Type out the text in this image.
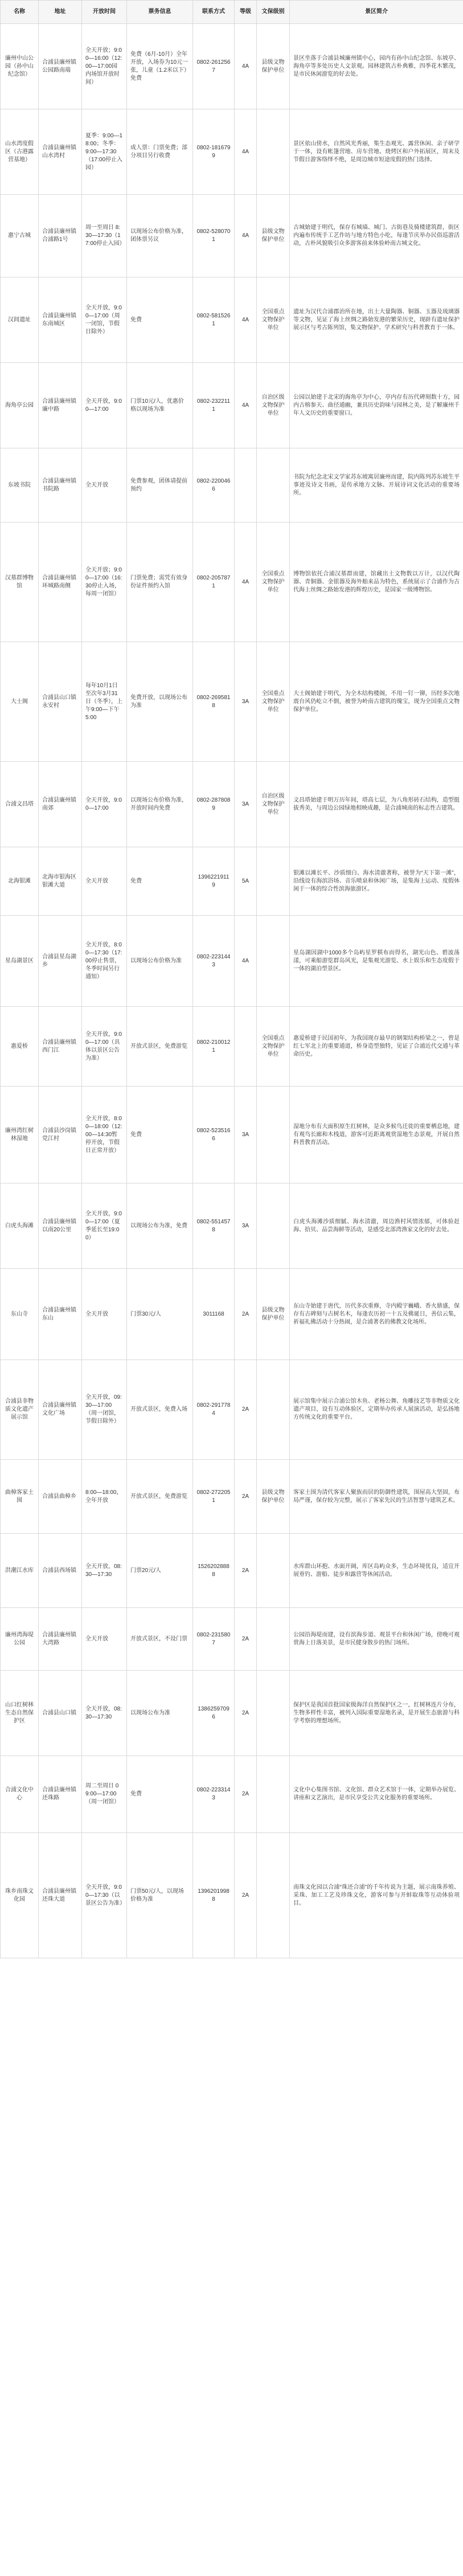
名称	地址	开放时间	票务信息	联系方式	等级	文保级别	景区简介
廉州中山公园（孙中山纪念馆）	合浦县廉州镇公园路南端	全天开放；9:00—16:00（12:00—17:00园内场馆开放时间）	免费（6月-10月）全年开放，入场券为10元一张，儿童（1.2米以下）免费	0802-2612567	4A	县级文物保护单位	景区坐落于合浦县城廉州镇中心，园内有孙中山纪念馆、东坡亭、海角亭等多处历史人文景观。园林建筑古朴典雅，四季花木繁茂，是市民休闲游览的好去处。
山水湾度假区（古港露营基地）	合浦县廉州镇山水湾村	夏季：9:00—18:00；冬季：9:00—17:30（17:00停止入园）	成人票：门票免费；部分项目另行收费	0802-1816799	4A		景区依山傍水，自然风光秀丽，集生态观光、露营休闲、亲子研学于一体，设有帐篷营地、房车营地、烧烤区和户外拓展区，周末及节假日游客络绎不绝，是周边城市短途度假的热门选择。
惠宁古城	合浦县廉州镇合浦路1号	周一至周日 8:30—17:30（17:00停止入园）	以现场公布价格为准，团体票另议	0802-5280701	4A	县级文物保护单位	古城始建于明代，保存有城墙、城门、古街巷及骑楼建筑群，街区内遍布传统手工艺作坊与地方特色小吃，每逢节庆举办民俗巡游活动，古朴风貌吸引众多游客前来体验岭南古城文化。
汉闾遗址	合浦县廉州镇东南城区	全天开放，9:00—17:00（周一闭馆，节假日除外）	免费	0802-5815261	4A	全国重点文物保护单位	遗址为汉代合浦郡治所在地，出土大量陶器、铜器、玉器及琉璃器等文物，见证了海上丝绸之路始发港的繁荣历史，现辟有遗址保护展示区与考古陈列馆，集文物保护、学术研究与科普教育于一体。
海角亭公园	合浦县廉州镇廉中路	全天开放，9:00—17:00	门票10元/人，优惠价格以现场为准	0802-2322111	4A	自治区级文物保护单位	公园以始建于北宋的海角亭为中心，亭内存有历代碑刻数十方，园内古榕参天、曲径通幽，兼具历史韵味与园林之美，是了解廉州千年人文历史的重要窗口。
东坡书院	合浦县廉州镇书院路	全天开放	免费参观，团体请提前预约	0802-2200466			书院为纪念北宋文学家苏东坡寓居廉州而建，院内陈列苏东坡生平事迹及诗文书画，是传承地方文脉、开展诗词文化活动的重要场所。
汉墓群博物馆	合浦县廉州镇环城路南侧	全天开放；9:00—17:00（16:30停止入场，每周一闭馆）	门票免费；需凭有效身份证件预约入馆	0802-2057871	4A	全国重点文物保护单位	博物馆依托合浦汉墓群而建，馆藏出土文物数以万计，以汉代陶器、青铜器、金银器及海外舶来品为特色，系统展示了合浦作为古代海上丝绸之路始发港的辉煌历史，是国家一级博物馆。
大士阁	合浦县山口镇永安村	每年10月1日至次年3月31日（冬季），上午9:00—下午5:00	免费开放，以现场公布为准	0802-2695818	3A	全国重点文物保护单位	大士阁始建于明代，为全木结构楼阁，不用一钉一铆，历经多次地震台风仍屹立不倒，被誉为岭南古建筑的瑰宝，现为全国重点文物保护单位。
合浦文昌塔	合浦县廉州镇南郊	全天开放，9:00—17:00	以现场公布价格为准，开放时间内免费	0802-2878089	3A	自治区级文物保护单位	文昌塔始建于明万历年间，塔高七层，为八角形砖石结构，造型挺拔秀美，与周边公园绿地相映成趣，是合浦城南的标志性古建筑。
北海银滩	北海市银海区银滩大道	全天开放	免费	13962219119	5A		银滩以滩长平、沙质细白、海水清澈著称，被誉为“天下第一滩”，沿线设有海滨浴场、音乐喷泉和休闲广场，是集海上运动、度假休闲于一体的综合性滨海旅游区。
星岛湖景区	合浦县星岛湖乡	全天开放，8:00—17:30（17:00停止售票，冬季时间另行通知）	以现场公布价格为准	0802-2231443	4A		星岛湖因湖中1000多个岛屿星罗棋布而得名，湖光山色、碧波荡漾，可乘船游览群岛风光，是集观光游览、水上娱乐和生态度假于一体的湖泊型景区。
惠爱桥	合浦县廉州镇西门江	全天开放，9:00—17:00（具体以景区公告为准）	开放式景区，免费游览	0802-2100121		全国重点文物保护单位	惠爱桥建于民国初年，为我国现存最早的钢架结构桥梁之一，曾是红七军北上的重要通道，桥身造型独特，见证了合浦近代交通与革命历史。
廉州湾红树林湿地	合浦县沙岗镇党江村	全天开放，8:00—18:00（12:00—14:30暂停开放，节假日正常开放）	免费	0802-5235166	3A		湿地分布有大面积原生红树林，是众多候鸟迁徙的重要栖息地，建有观鸟长廊和木栈道，游客可近距离观赏湿地生态景观，开展自然科普教育活动。
白虎头海滩	合浦县廉州镇以南20公里	全天开放，9:00—17:00（夏季延长至19:00）	以现场公布为准，免费	0802-5514578	3A		白虎头海滩沙质细腻、海水清澈，周边渔村风情浓郁，可体验赶海、拾贝、品尝海鲜等活动，是感受北部湾渔家文化的好去处。
东山寺	合浦县廉州镇东山	全天开放	门票30元/人	3011168	2A	县级文物保护单位	东山寺始建于唐代，历代多次重修，寺内殿宇巍峨、香火鼎盛，保存有古碑刻与古树名木，每逢农历初一十五及佛诞日，善信云集，祈福礼佛活动十分热闹，是合浦著名的佛教文化场所。
合浦县非物质文化遗产展示馆	合浦县廉州镇文化广场	全天开放，09:30—17:00（周一闭馆，节假日除外）	开放式景区，免费入场	0802-2917784	2A		展示馆集中展示合浦公馆木鱼、老杨公舞、角雕技艺等非物质文化遗产项目，设有互动体验区，定期举办传承人展演活动，是弘扬地方传统文化的重要平台。
曲樟客家土围	合浦县曲樟乡	8:00—18:00，全年开放	开放式景区，免费游览	0802-2722051	2A	县级文物保护单位	客家土围为清代客家人聚族而居的防御性建筑，围屋高大坚固，布局严谨，保存较为完整，展示了客家先民的生活智慧与建筑艺术。
洪潮江水库	合浦县西场镇	全天开放，08:30—17:30	门票20元/人	15262028888	2A		水库群山环抱、水面开阔，库区岛屿众多，生态环境优良，适宜开展垂钓、游船、徒步和露营等休闲活动。
廉州湾海堤公园	合浦县廉州镇大湾路	全天开放	开放式景区，不设门票	0802-2315807	2A		公园沿海堤而建，设有滨海步道、观景平台和休闲广场，傍晚可观赏海上日落美景，是市民健身散步的热门场所。
山口红树林生态自然保护区	合浦县山口镇	全天开放，08:30—17:30	以现场公布为准	13862597096	2A		保护区是我国首批国家级海洋自然保护区之一，红树林连片分布，生物多样性丰富，被列入国际重要湿地名录，是开展生态旅游与科学考察的理想场所。
合浦文化中心	合浦县廉州镇还珠路	周二至周日 09:00—17:00（周一闭馆）	免费	0802-2233143	2A		文化中心集图书馆、文化馆、群众艺术馆于一体，定期举办展览、讲座和文艺演出，是市民享受公共文化服务的重要场所。
珠乡南珠文化园	合浦县廉州镇还珠大道	全天开放，9:00—17:30（以景区公告为准）	门票50元/人，以现场价格为准	13962019988	2A		南珠文化园以合浦“珠还合浦”的千年传说为主题，展示南珠养殖、采珠、加工工艺及珍珠文化，游客可参与开蚌取珠等互动体验项目。
